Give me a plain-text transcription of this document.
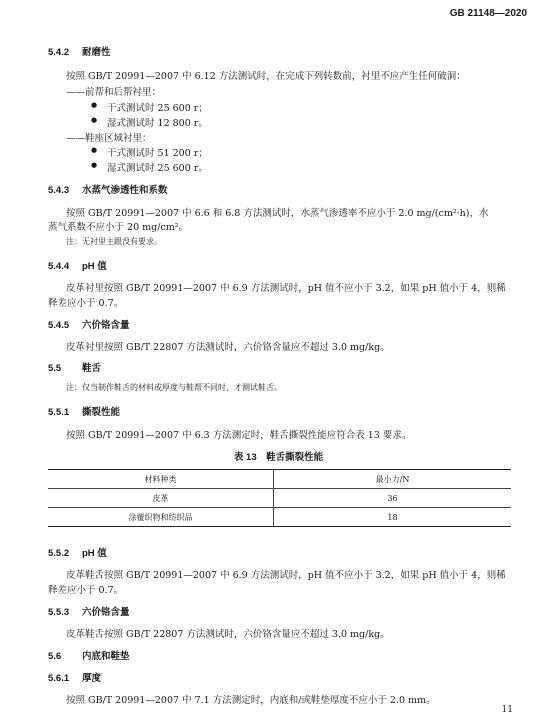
GB 21148—2020
5.4.2 耐磨性
按照 GB/T 20991—2007 中 6.12 方法测试时，在完成下列转数前，衬里不应产生任何破洞：
——前帮和后帮衬里：
● 干式测试时 25 600 r；
● 湿式测试时 12 800 r。
——鞋座区域衬里：
● 干式测试时 51 200 r；
● 湿式测试时 25 600 r。
5.4.3 水蒸气渗透性和系数
按照 GB/T 20991—2007 中 6.6 和 6.8 方法测试时，水蒸气渗透率不应小于 2.0 mg/(cm²·h)，水
蒸气系数不应小于 20 mg/cm²。
注：无衬里主跟没有要求。
5.4.4 pH 值
皮革衬里按照 GB/T 20991—2007 中 6.9 方法测试时，pH 值不应小于 3.2，如果 pH 值小于 4，则稀
释差应小于 0.7。
5.4.5 六价铬含量
皮革衬里按照 GB/T 22807 方法测试时，六价铬含量应不超过 3.0 mg/kg。
5.5 鞋舌
注：仅当制作鞋舌的材料或厚度与鞋帮不同时，才测试鞋舌。
5.5.1 撕裂性能
按照 GB/T 20991—2007 中 6.3 方法测定时，鞋舌撕裂性能应符合表 13 要求。
表 13　鞋舌撕裂性能
材料种类	最小力/N
皮革	36
涂覆织物和纺织品	18
5.5.2 pH 值
皮革鞋舌按照 GB/T 20991—2007 中 6.9 方法测试时，pH 值不应小于 3.2，如果 pH 值小于 4，则稀
释差应小于 0.7。
5.5.3 六价铬含量
皮革鞋舌按照 GB/T 22807 方法测试时，六价铬含量应不超过 3.0 mg/kg。
5.6 内底和鞋垫
5.6.1 厚度
按照 GB/T 20991—2007 中 7.1 方法测定时，内底和/或鞋垫厚度不应小于 2.0 mm。
11
